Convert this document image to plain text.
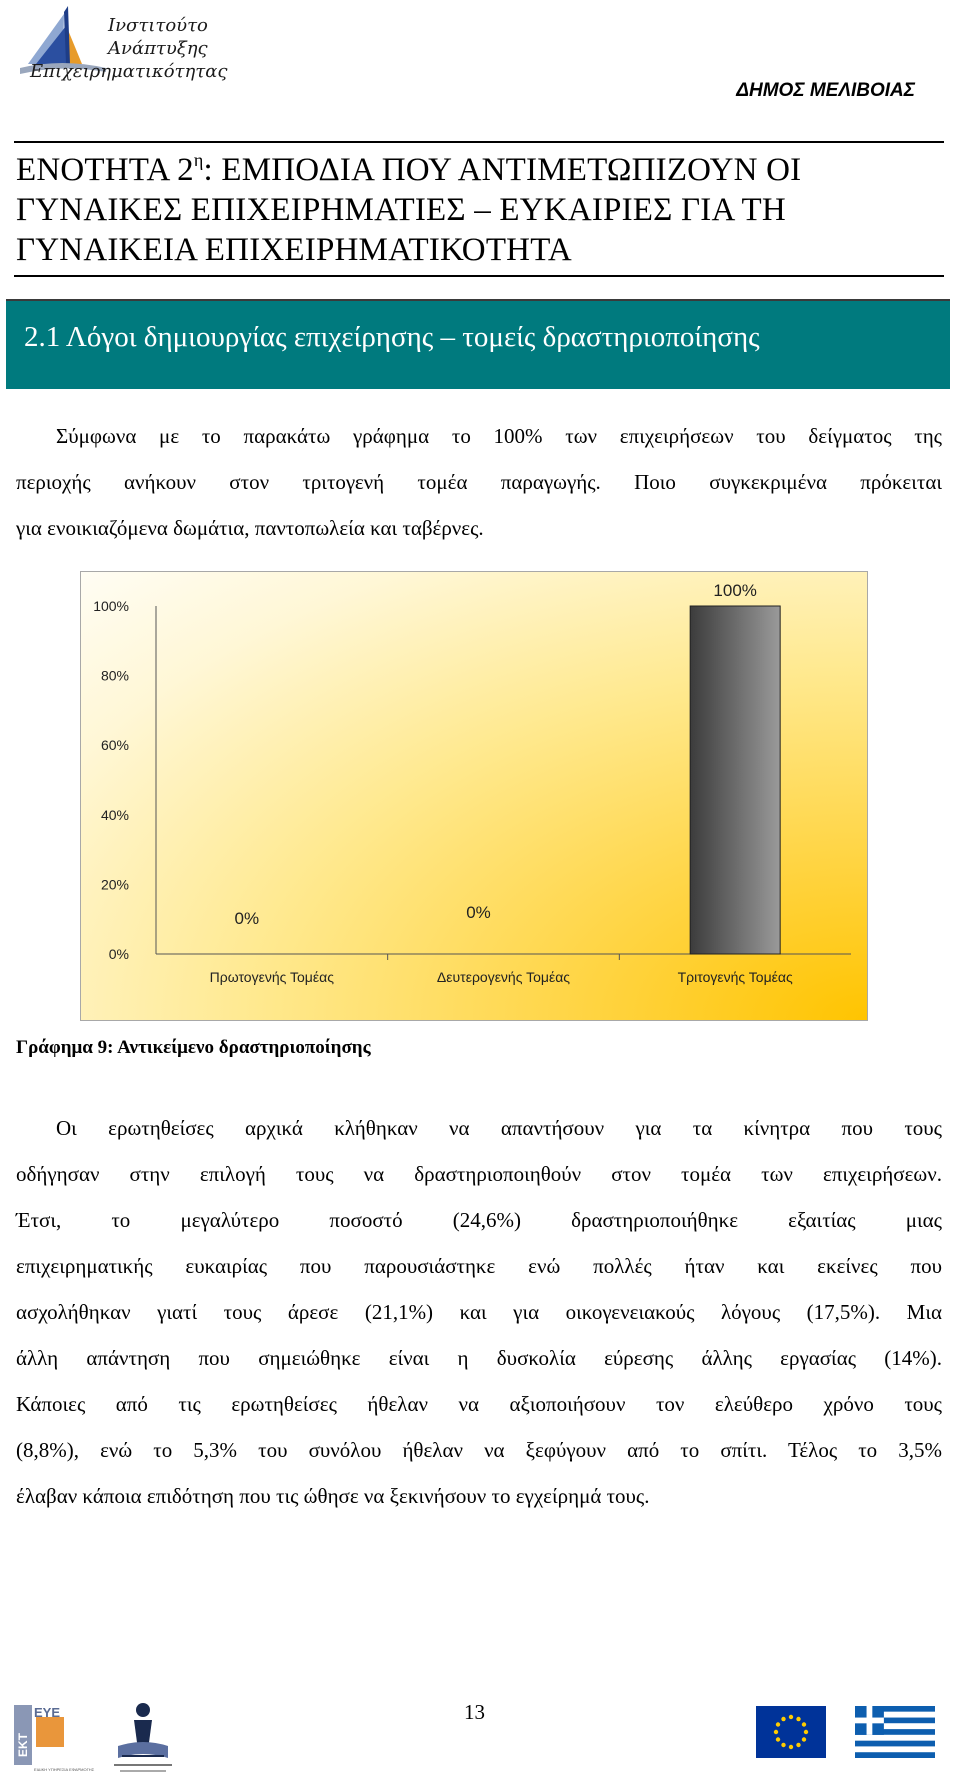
Ινστιτούτο
Ανάπτυξης
Επιχειρηματικότητας
ΔΗΜΟΣ ΜΕΛΙΒΟΙΑΣ
ΕΝΟΤΗΤΑ $2^\eta$: ΕΜΠΟΔΙΑ ΠΟΥ ΑΝΤΙΜΕΤΩΠΙΖΟΥΝ ΟΙ
ΓΥΝΑΙΚΕΣ ΕΠΙΧΕΙΡΗΜΑΤΙΕΣ – ΕΥΚΑΙΡΙΕΣ ΓΙΑ ΤΗ
ΓΥΝΑΙΚΕΙΑ ΕΠΙΧΕΙΡΗΜΑΤΙΚΟΤΗΤΑ
2.1 Λόγοι δημιουργίας επιχείρησης – τομείς δραστηριοποίησης

Σύμφωνα με το παρακάτω γράφημα το 100% των επιχειρήσεων του δείγματος της
περιοχής ανήκουν στον τριτογενή τομέα παραγωγής. Ποιο συγκεκριμένα πρόκειται
για ενοικιαζόμενα δωμάτια, παντοπωλεία και ταβέρνες.

0%
20%
40%
60%
80%
100%
0%
Πρωτογενής Τομέας
0%
Δευτερογενής Τομέας
100%
Τριτογενής Τομέας
Γράφημα 9: Αντικείμενο δραστηριοποίησης

Οι ερωτηθείσες αρχικά κλήθηκαν να απαντήσουν για τα κίνητρα που τους
οδήγησαν στην επιλογή τους να δραστηριοποιηθούν στον τομέα των επιχειρήσεων.
Έτσι, το μεγαλύτερο ποσοστό (24,6%) δραστηριοποιήθηκε εξαιτίας μιας
επιχειρηματικής ευκαιρίας που παρουσιάστηκε ενώ πολλές ήταν και εκείνες που
ασχολήθηκαν γιατί τους άρεσε (21,1%) και για οικογενειακούς λόγους (17,5%). Μια
άλλη απάντηση που σημειώθηκε είναι η δυσκολία εύρεσης άλλης εργασίας (14%).
Κάποιες από τις ερωτηθείσες ήθελαν να αξιοποιήσουν τον ελεύθερο χρόνο τους
(8,8%), ενώ το 5,3% του συνόλου ήθελαν να ξεφύγουν από το σπίτι. Τέλος το 3,5%
έλαβαν κάποια επιδότηση που τις ώθησε να ξεκινήσουν το εγχείρημά τους.

ΕΥΕ
ΕΚΤ
ΕΙΔΙΚΗ ΥΠΗΡΕΣΙΑ ΕΦΑΡΜΟΓΗΣ
13
